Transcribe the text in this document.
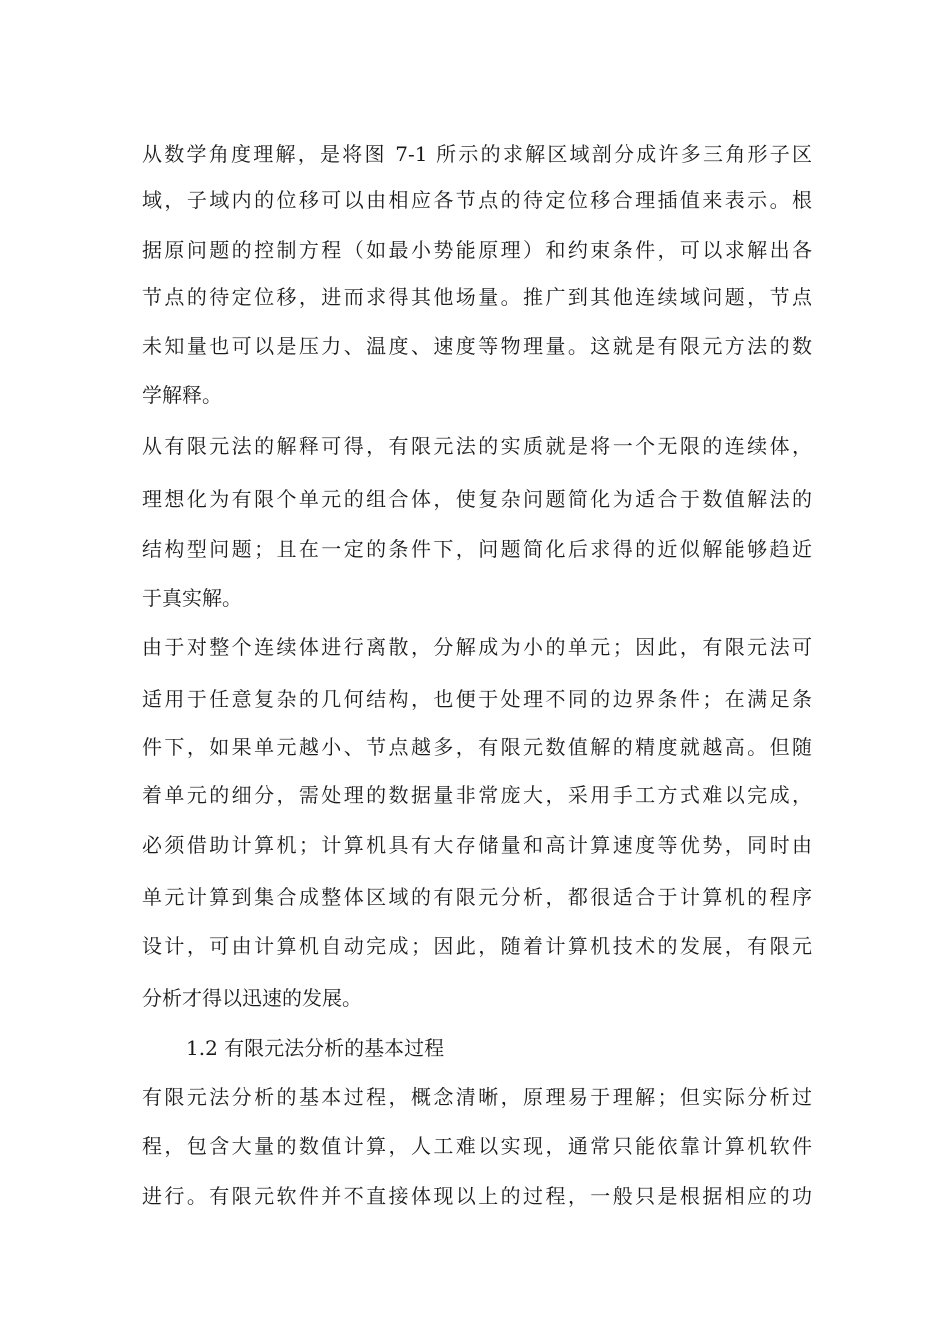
从数学角度理解，是将图 7-1 所示的求解区域剖分成许多三角形子区
域，子域内的位移可以由相应各节点的待定位移合理插值来表示。根
据原问题的控制方程（如最小势能原理）和约束条件，可以求解出各
节点的待定位移，进而求得其他场量。推广到其他连续域问题，节点
未知量也可以是压力、温度、速度等物理量。这就是有限元方法的数
学解释。
从有限元法的解释可得，有限元法的实质就是将一个无限的连续体，
理想化为有限个单元的组合体，使复杂问题简化为适合于数值解法的
结构型问题；且在一定的条件下，问题简化后求得的近似解能够趋近
于真实解。
由于对整个连续体进行离散，分解成为小的单元；因此，有限元法可
适用于任意复杂的几何结构，也便于处理不同的边界条件；在满足条
件下，如果单元越小、节点越多，有限元数值解的精度就越高。但随
着单元的细分，需处理的数据量非常庞大，采用手工方式难以完成，
必须借助计算机；计算机具有大存储量和高计算速度等优势，同时由
单元计算到集合成整体区域的有限元分析，都很适合于计算机的程序
设计，可由计算机自动完成；因此，随着计算机技术的发展，有限元
分析才得以迅速的发展。
1.2 有限元法分析的基本过程
有限元法分析的基本过程，概念清晰，原理易于理解；但实际分析过
程，包含大量的数值计算，人工难以实现，通常只能依靠计算机软件
进行。有限元软件并不直接体现以上的过程，一般只是根据相应的功
